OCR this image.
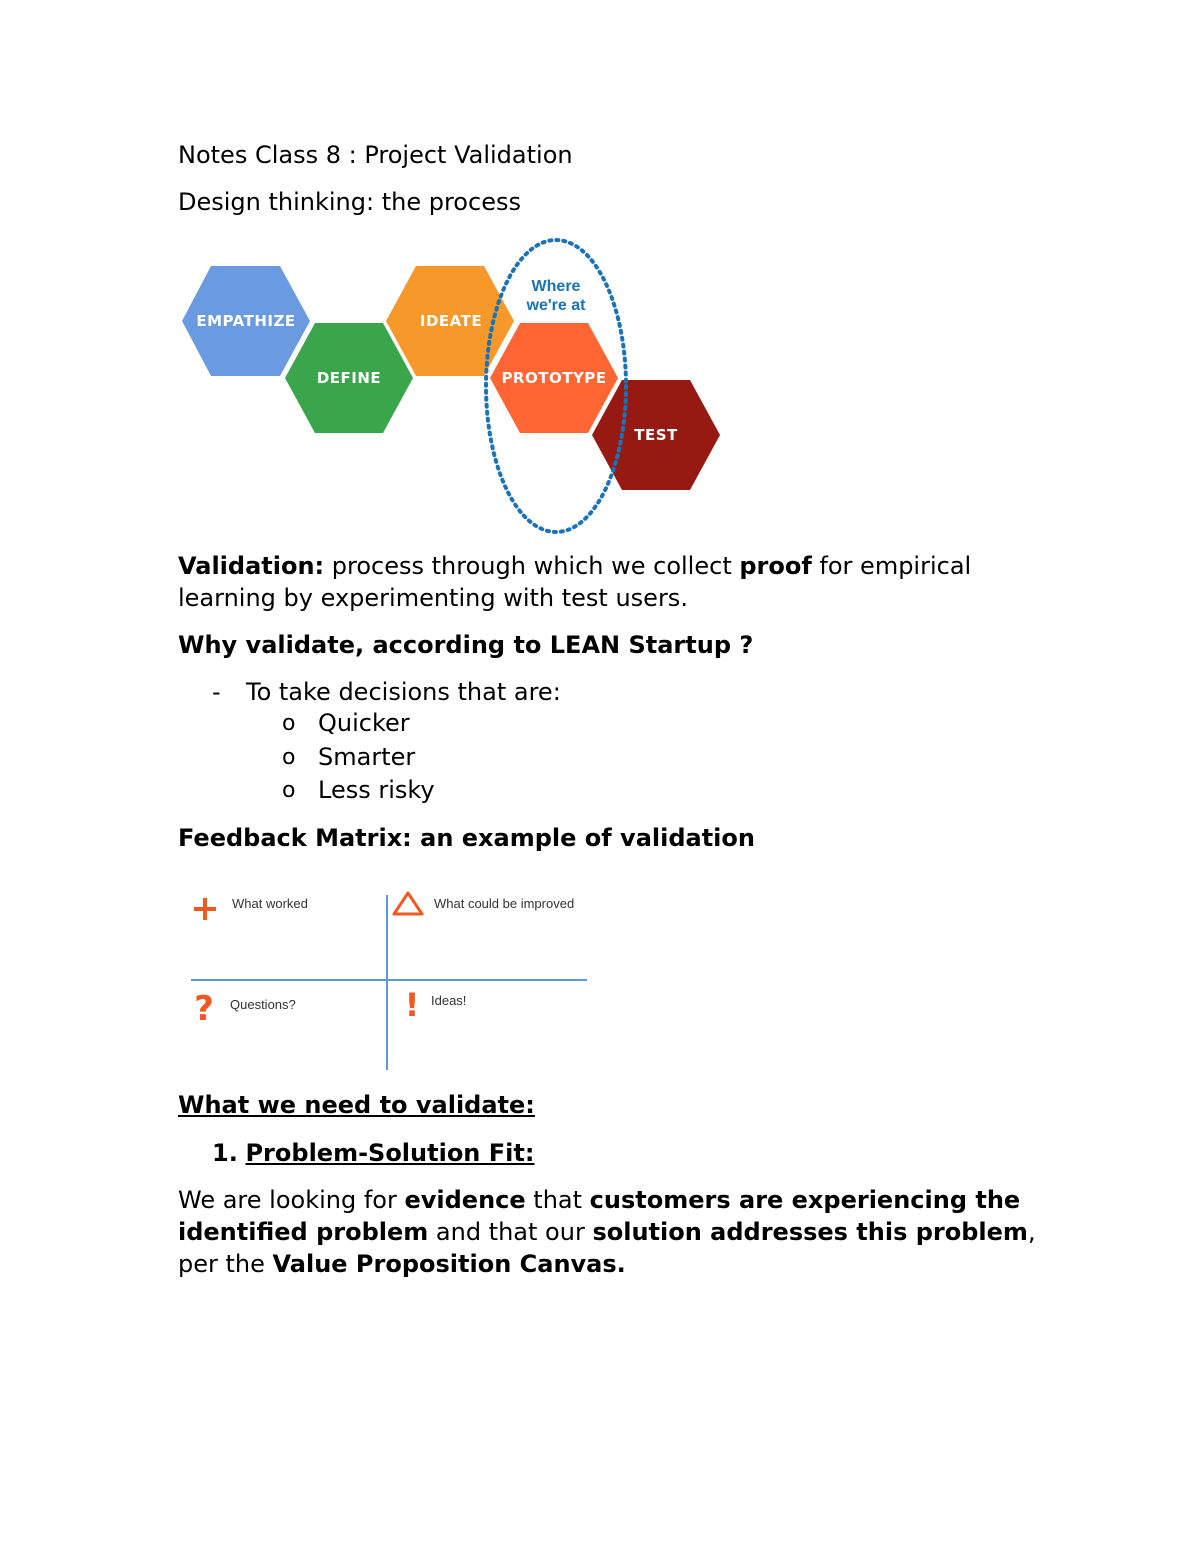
Notes Class 8 : Project Validation
Design thinking: the process
EMPATHIZE
DEFINE
IDEATE
PROTOTYPE
TEST
Where
we're at
Validation: process through which we collect proof for empirical learning by experimenting with test users.
Why validate, according to LEAN Startup ?
- To take decisions that are:
o Quicker
o Smarter
o Less risky
Feedback Matrix: an example of validation
What worked	What could be improved
? Questions?	! Ideas!
What we need to validate:
1. Problem-Solution Fit:
We are looking for evidence that customers are experiencing the identified problem and that our solution addresses this problem, per the Value Proposition Canvas.
